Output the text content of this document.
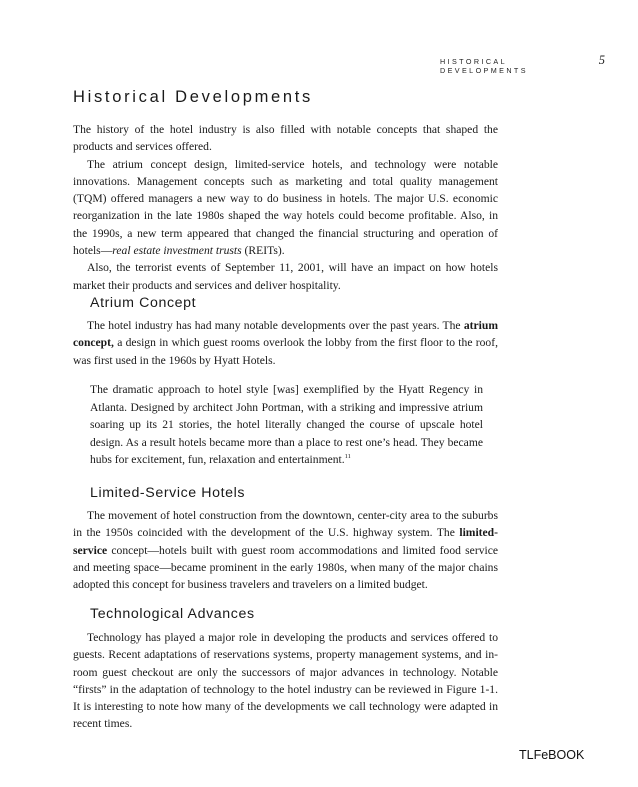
HISTORICAL DEVELOPMENTS
5
Historical Developments

The history of the hotel industry is also filled with notable concepts that shaped the products and services offered.

The atrium concept design, limited-service hotels, and technology were notable innovations. Management concepts such as marketing and total quality management (TQM) offered managers a new way to do business in hotels. The major U.S. economic reorganization in the late 1980s shaped the way hotels could become profitable. Also, in the 1990s, a new term appeared that changed the financial structuring and operation of hotels—real estate investment trusts (REITs).

Also, the terrorist events of September 11, 2001, will have an impact on how hotels market their products and services and deliver hospitality.

Atrium Concept

The hotel industry has had many notable developments over the past years. The atrium concept, a design in which guest rooms overlook the lobby from the first floor to the roof, was first used in the 1960s by Hyatt Hotels.

The dramatic approach to hotel style [was] exemplified by the Hyatt Regency in Atlanta. Designed by architect John Portman, with a striking and impressive atrium soaring up its 21 stories, the hotel literally changed the course of upscale hotel design. As a result hotels became more than a place to rest one’s head. They became hubs for excitement, fun, relaxation and entertainment.$^{11}$

Limited-Service Hotels

The movement of hotel construction from the downtown, center-city area to the suburbs in the 1950s coincided with the development of the U.S. highway system. The limited-service concept—hotels built with guest room accommodations and limited food service and meeting space—became prominent in the early 1980s, when many of the major chains adopted this concept for business travelers and travelers on a limited budget.

Technological Advances

Technology has played a major role in developing the products and services offered to guests. Recent adaptations of reservations systems, property management systems, and in-room guest checkout are only the successors of major advances in technology. Notable “firsts” in the adaptation of technology to the hotel industry can be reviewed in Figure 1-1. It is interesting to note how many of the developments we call technology were adapted in recent times.

TLFeBOOK
